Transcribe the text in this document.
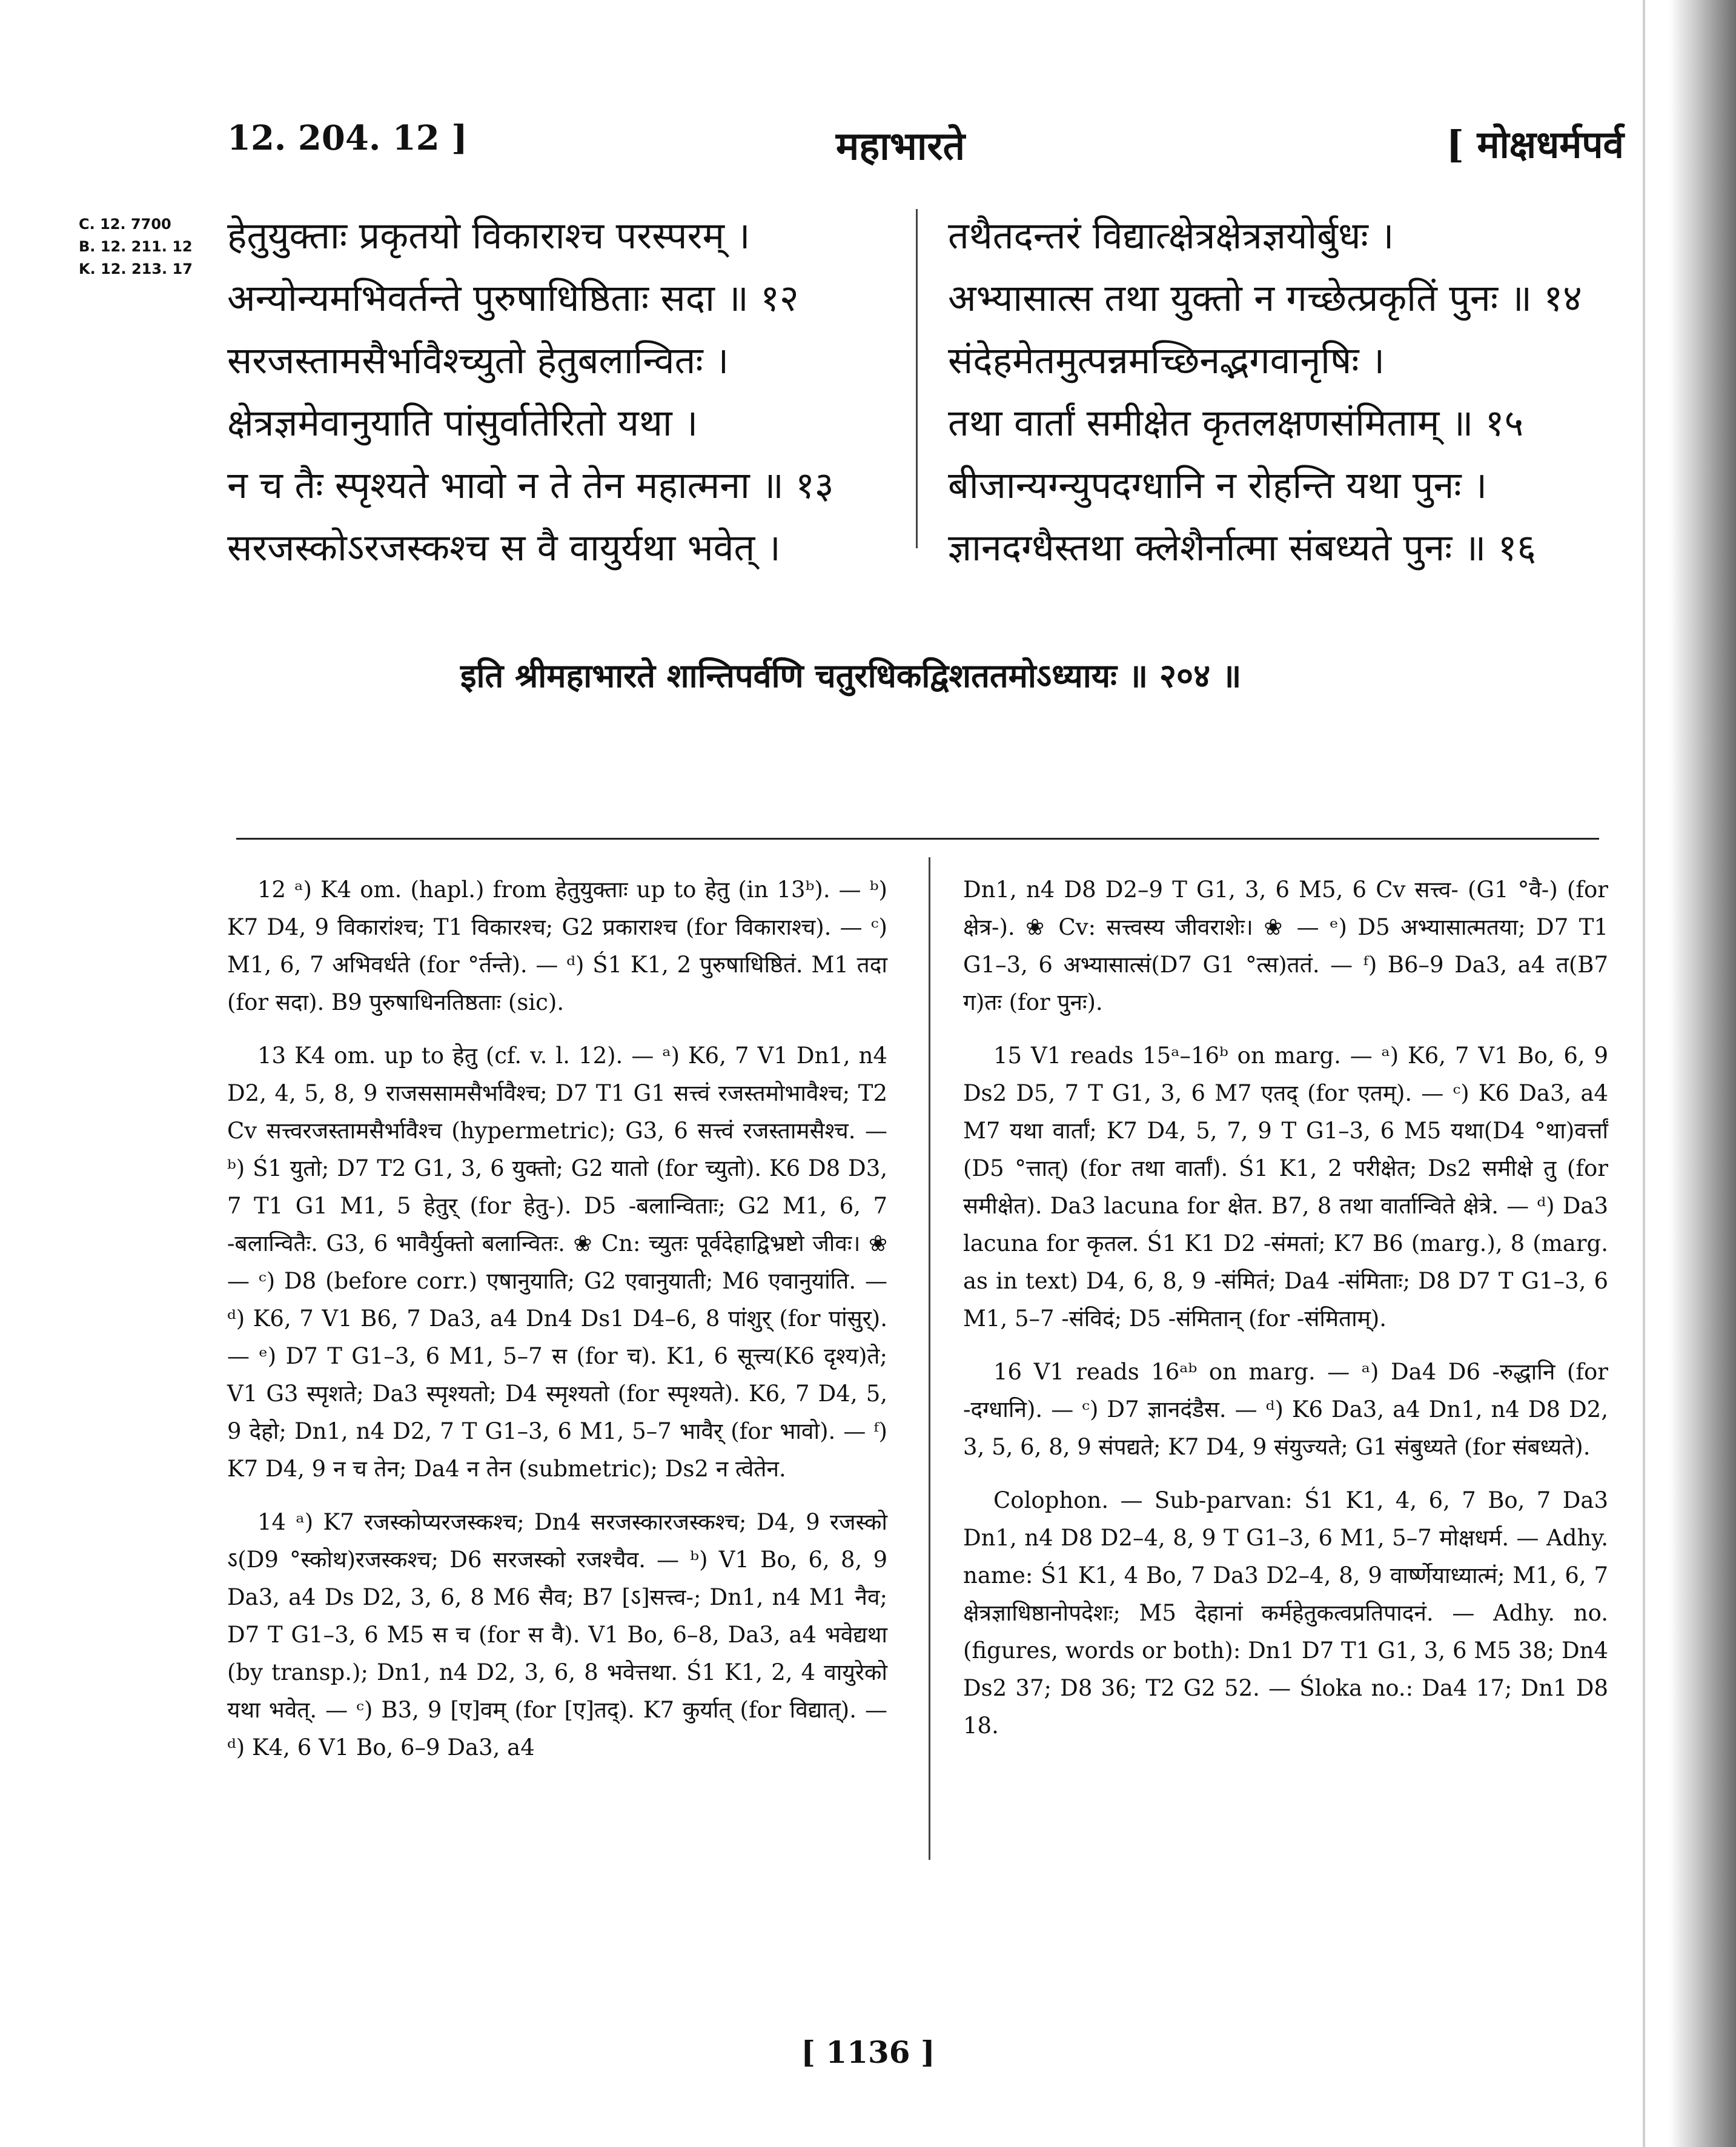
12. 204. 12 ]	महाभारते	[ मोक्षधर्मपर्व
C. 12. 7700
B. 12. 211. 12
K. 12. 213. 17
हेतुयुक्ताः प्रकृतयो विकाराश्च परस्परम् ।
अन्योन्यमभिवर्तन्ते पुरुषाधिष्ठिताः सदा ॥ १२
सरजस्तामसैर्भावैश्च्युतो हेतुबलान्वितः ।
क्षेत्रज्ञमेवानुयाति पांसुर्वातेरितो यथा ।
न च तैः स्पृश्यते भावो न ते तेन महात्मना ॥ १३
सरजस्कोऽरजस्कश्च स वै वायुर्यथा भवेत् ।
तथैतदन्तरं विद्यात्क्षेत्रक्षेत्रज्ञयोर्बुधः ।
अभ्यासात्स तथा युक्तो न गच्छेत्प्रकृतिं पुनः ॥ १४
संदेहमेतमुत्पन्नमच्छिनद्भगवानृषिः ।
तथा वार्तां समीक्षेत कृतलक्षणसंमिताम् ॥ १५
बीजान्यग्न्युपदग्धानि न रोहन्ति यथा पुनः ।
ज्ञानदग्धैस्तथा क्लेशैर्नात्मा संबध्यते पुनः ॥ १६
इति श्रीमहाभारते शान्तिपर्वणि चतुरधिकद्विशततमोऽध्यायः ॥ २०४ ॥

12 ᵃ) K4 om. (hapl.) from हेतुयुक्ताः up to हेतु (in 13ᵇ). — ᵇ) K7 D4, 9 विकारांश्च; T1 विकारश्च; G2 प्रकाराश्च (for विकाराश्च). — ᶜ) M1, 6, 7 अभिवर्धते (for °र्तन्ते). — ᵈ) Ś1 K1, 2 पुरुषाधिष्ठितं. M1 तदा (for सदा). B9 पुरुषाधिनतिष्ठताः (sic).

13 K4 om. up to हेतु (cf. v. l. 12). — ᵃ) K6, 7 V1 Dn1, n4 D2, 4, 5, 8, 9 राजससामसैर्भावैश्च; D7 T1 G1 सत्त्वं रजस्तमोभावैश्च; T2 Cv सत्त्वरजस्तामसैर्भावैश्च (hypermetric); G3, 6 सत्त्वं रजस्तामसैश्च. — ᵇ) Ś1 युतो; D7 T2 G1, 3, 6 युक्तो; G2 यातो (for च्युतो). K6 D8 D3, 7 T1 G1 M1, 5 हेतुर् (for हेतु-). D5 -बलान्विताः; G2 M1, 6, 7 -बलान्वितैः. G3, 6 भावैर्युक्तो बलान्वितः. ❀ Cn: च्युतः पूर्वदेहाद्विभ्रष्टो जीवः। ❀ — ᶜ) D8 (before corr.) एषानुयाति; G2 एवानुयाती; M6 एवानुयांति. — ᵈ) K6, 7 V1 B6, 7 Da3, a4 Dn4 Ds1 D4–6, 8 पांशुर् (for पांसुर्). — ᵉ) D7 T G1–3, 6 M1, 5–7 स (for च). K1, 6 सूत्त्य(K6 दृश्य)ते; V1 G3 स्पृशते; Da3 स्पृश्यतो; D4 स्मृश्यतो (for स्पृश्यते). K6, 7 D4, 5, 9 देहो; Dn1, n4 D2, 7 T G1–3, 6 M1, 5–7 भावैर् (for भावो). — ᶠ) K7 D4, 9 न च तेन; Da4 न तेन (submetric); Ds2 न त्वेतेन.

14 ᵃ) K7 रजस्कोप्यरजस्कश्च; Dn4 सरजस्कारजस्कश्च; D4, 9 रजस्को ऽ(D9 °स्कोथ)रजस्कश्च; D6 सरजस्को रजश्चैव. — ᵇ) V1 Bo, 6, 8, 9 Da3, a4 Ds D2, 3, 6, 8 M6 सैव; B7 [ऽ]सत्त्व-; Dn1, n4 M1 नैव; D7 T G1–3, 6 M5 स च (for स वै). V1 Bo, 6–8, Da3, a4 भवेद्यथा (by transp.); Dn1, n4 D2, 3, 6, 8 भवेत्तथा. Ś1 K1, 2, 4 वायुरेको यथा भवेत्. — ᶜ) B3, 9 [ए]वम् (for [ए]तद्). K7 कुर्यात् (for विद्यात्). — ᵈ) K4, 6 V1 Bo, 6–9 Da3, a4

Dn1, n4 D8 D2–9 T G1, 3, 6 M5, 6 Cv सत्त्व- (G1 °वै-) (for क्षेत्र-). ❀ Cv: सत्त्वस्य जीवराशेः। ❀ — ᵉ) D5 अभ्यासात्मतया; D7 T1 G1–3, 6 अभ्यासात्सं(D7 G1 °त्स)ततं. — ᶠ) B6–9 Da3, a4 त(B7 ग)तः (for पुनः).

15 V1 reads 15ᵃ–16ᵇ on marg. — ᵃ) K6, 7 V1 Bo, 6, 9 Ds2 D5, 7 T G1, 3, 6 M7 एतद् (for एतम्). — ᶜ) K6 Da3, a4 M7 यथा वार्तां; K7 D4, 5, 7, 9 T G1–3, 6 M5 यथा(D4 °था)वर्त्तां (D5 °त्तात्) (for तथा वार्तां). Ś1 K1, 2 परीक्षेत; Ds2 समीक्षे तु (for समीक्षेत). Da3 lacuna for क्षेत. B7, 8 तथा वार्तान्विते क्षेत्रे. — ᵈ) Da3 lacuna for कृतल. Ś1 K1 D2 -संमतां; K7 B6 (marg.), 8 (marg. as in text) D4, 6, 8, 9 -संमितं; Da4 -संमिताः; D8 D7 T G1–3, 6 M1, 5–7 -संविदं; D5 -संमितान् (for -संमिताम्).

16 V1 reads 16ᵃᵇ on marg. — ᵃ) Da4 D6 -रुद्धानि (for -दग्धानि). — ᶜ) D7 ज्ञानदंडैस. — ᵈ) K6 Da3, a4 Dn1, n4 D8 D2, 3, 5, 6, 8, 9 संपद्यते; K7 D4, 9 संयुज्यते; G1 संबुध्यते (for संबध्यते).

Colophon. — Sub-parvan: Ś1 K1, 4, 6, 7 Bo, 7 Da3 Dn1, n4 D8 D2–4, 8, 9 T G1–3, 6 M1, 5–7 मोक्षधर्म. — Adhy. name: Ś1 K1, 4 Bo, 7 Da3 D2–4, 8, 9 वार्ष्णेयाध्यात्मं; M1, 6, 7 क्षेत्रज्ञाधिष्ठानोपदेशः; M5 देहानां कर्महेतुकत्वप्रतिपादनं. — Adhy. no. (figures, words or both): Dn1 D7 T1 G1, 3, 6 M5 38; Dn4 Ds2 37; D8 36; T2 G2 52. — Śloka no.: Da4 17; Dn1 D8 18.

[ 1136 ]
